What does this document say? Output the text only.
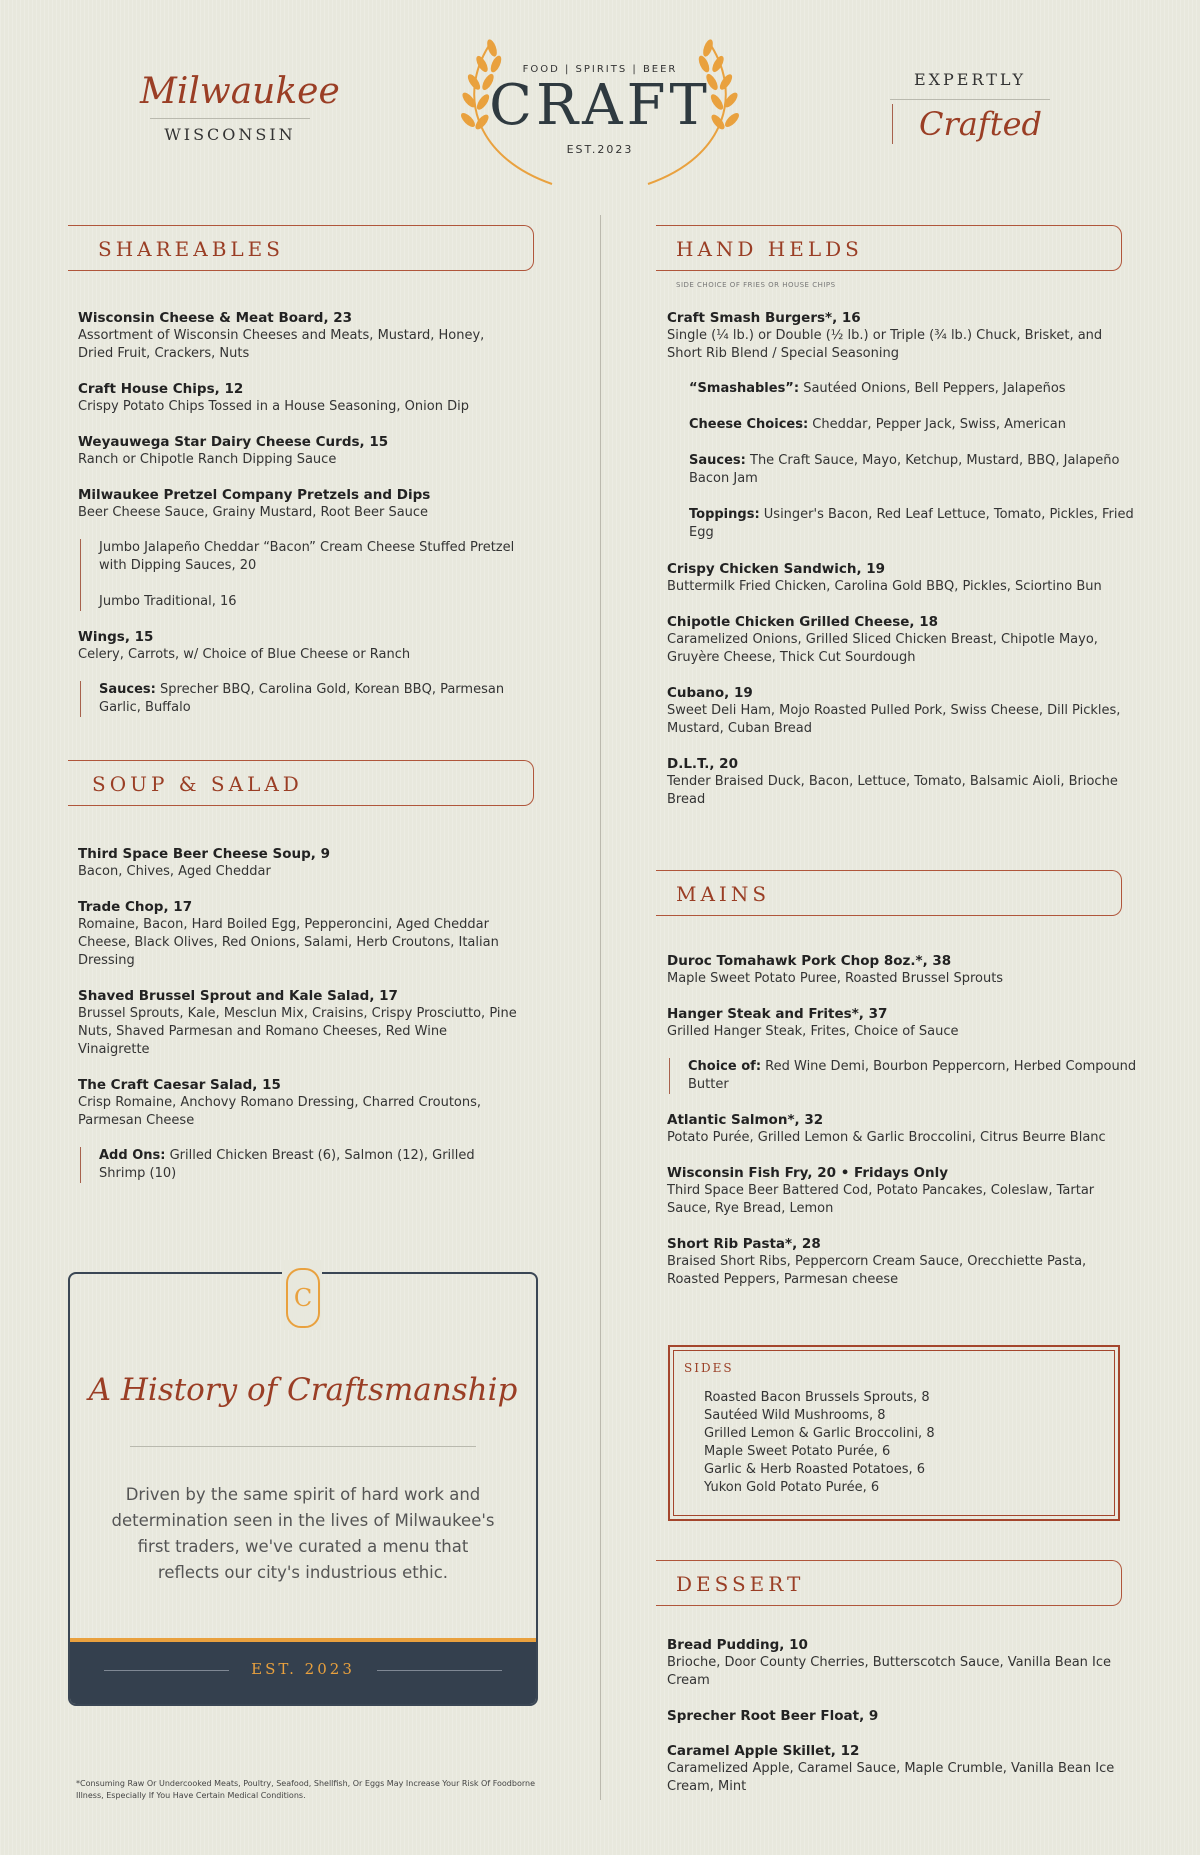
Milwaukee
WISCONSIN
FOOD | SPIRITS | BEER
CRAFT
EST.2023
EXPERTLY
Crafted
SHAREABLES
Wisconsin Cheese & Meat Board, 23
Assortment of Wisconsin Cheeses and Meats, Mustard, Honey, Dried Fruit, Crackers, Nuts
Craft House Chips, 12
Crispy Potato Chips Tossed in a House Seasoning, Onion Dip
Weyauwega Star Dairy Cheese Curds, 15
Ranch or Chipotle Ranch Dipping Sauce
Milwaukee Pretzel Company Pretzels and Dips
Beer Cheese Sauce, Grainy Mustard, Root Beer Sauce

Jumbo Jalapeño Cheddar “Bacon” Cream Cheese Stuffed Pretzel with Dipping Sauces, 20

Jumbo Traditional, 16

Wings, 15
Celery, Carrots, w/ Choice of Blue Cheese or Ranch

Sauces: Sprecher BBQ, Carolina Gold, Korean BBQ, Parmesan Garlic, Buffalo

SOUP & SALAD
Third Space Beer Cheese Soup, 9
Bacon, Chives, Aged Cheddar
Trade Chop, 17
Romaine, Bacon, Hard Boiled Egg, Pepperoncini, Aged Cheddar Cheese, Black Olives, Red Onions, Salami, Herb Croutons, Italian Dressing
Shaved Brussel Sprout and Kale Salad, 17
Brussel Sprouts, Kale, Mesclun Mix, Craisins, Crispy Prosciutto, Pine Nuts, Shaved Parmesan and Romano Cheeses, Red Wine Vinaigrette
The Craft Caesar Salad, 15
Crisp Romaine, Anchovy Romano Dressing, Charred Croutons, Parmesan Cheese

Add Ons: Grilled Chicken Breast (6), Salmon (12), Grilled Shrimp (10)

C
A History of Craftsmanship
Driven by the same spirit of hard work and determination seen in the lives of Milwaukee's first traders, we've curated a menu that reflects our city's industrious ethic.
EST. 2023
*Consuming Raw Or Undercooked Meats, Poultry, Seafood, Shellfish, Or Eggs May Increase Your Risk Of Foodborne Illness, Especially If You Have Certain Medical Conditions.
HAND HELDS
SIDE CHOICE OF FRIES OR HOUSE CHIPS
Craft Smash Burgers*, 16
Single (¼ lb.) or Double (½ lb.) or Triple (¾ lb.) Chuck, Brisket, and Short Rib Blend / Special Seasoning

“Smashables”: Sautéed Onions, Bell Peppers, Jalapeños

Cheese Choices: Cheddar, Pepper Jack, Swiss, American

Sauces: The Craft Sauce, Mayo, Ketchup, Mustard, BBQ, Jalapeño Bacon Jam

Toppings: Usinger's Bacon, Red Leaf Lettuce, Tomato, Pickles, Fried Egg

Crispy Chicken Sandwich, 19
Buttermilk Fried Chicken, Carolina Gold BBQ, Pickles, Sciortino Bun
Chipotle Chicken Grilled Cheese, 18
Caramelized Onions, Grilled Sliced Chicken Breast, Chipotle Mayo, Gruyère Cheese, Thick Cut Sourdough
Cubano, 19
Sweet Deli Ham, Mojo Roasted Pulled Pork, Swiss Cheese, Dill Pickles, Mustard, Cuban Bread
D.L.T., 20
Tender Braised Duck, Bacon, Lettuce, Tomato, Balsamic Aioli, Brioche Bread
MAINS
Duroc Tomahawk Pork Chop 8oz.*, 38
Maple Sweet Potato Puree, Roasted Brussel Sprouts
Hanger Steak and Frites*, 37
Grilled Hanger Steak, Frites, Choice of Sauce

Choice of: Red Wine Demi, Bourbon Peppercorn, Herbed Compound Butter

Atlantic Salmon*, 32
Potato Purée, Grilled Lemon & Garlic Broccolini, Citrus Beurre Blanc
Wisconsin Fish Fry, 20 • Fridays Only
Third Space Beer Battered Cod, Potato Pancakes, Coleslaw, Tartar Sauce, Rye Bread, Lemon
Short Rib Pasta*, 28
Braised Short Ribs, Peppercorn Cream Sauce, Orecchiette Pasta, Roasted Peppers, Parmesan cheese
SIDES
Roasted Bacon Brussels Sprouts, 8
Sautéed Wild Mushrooms, 8
Grilled Lemon & Garlic Broccolini, 8
Maple Sweet Potato Purée, 6
Garlic & Herb Roasted Potatoes, 6
Yukon Gold Potato Purée, 6
DESSERT
Bread Pudding, 10
Brioche, Door County Cherries, Butterscotch Sauce, Vanilla Bean Ice Cream
Sprecher Root Beer Float, 9
Caramel Apple Skillet, 12
Caramelized Apple, Caramel Sauce, Maple Crumble, Vanilla Bean Ice Cream, Mint
